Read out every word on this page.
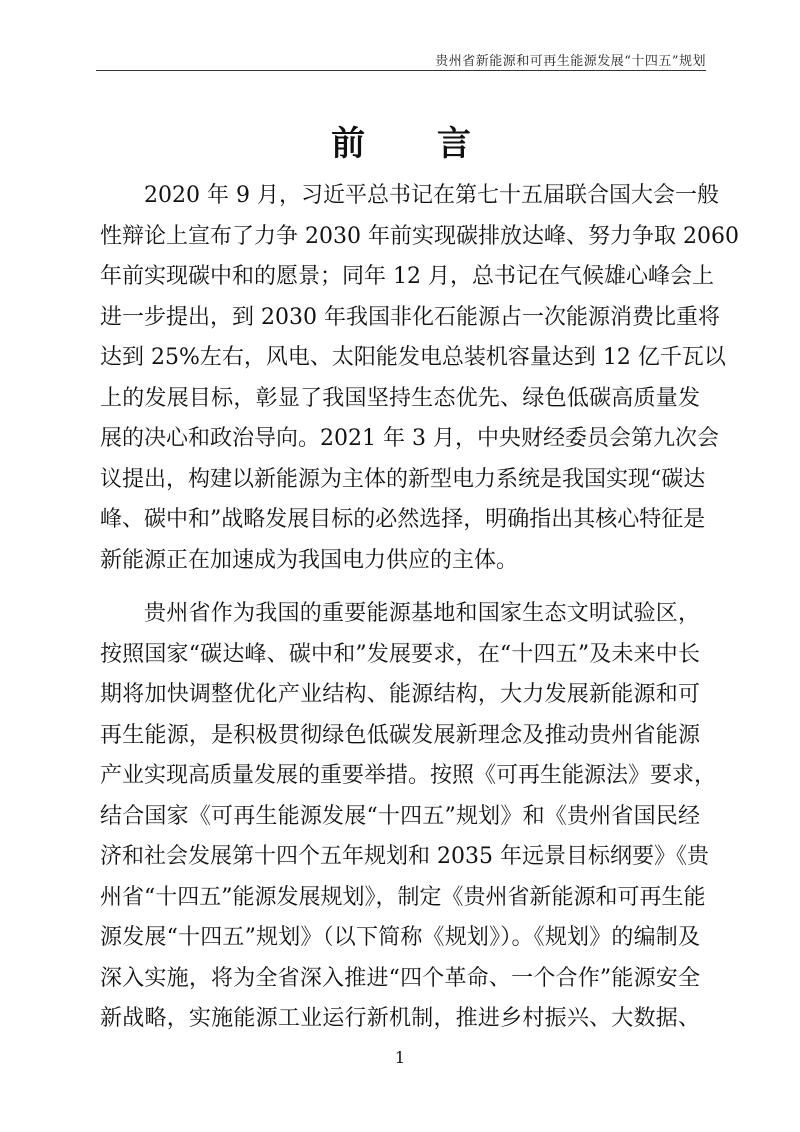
贵州省新能源和可再生能源发展“十四五”规划
前 言
2020 年 9 月，习近平总书记在第七十五届联合国大会一般
性辩论上宣布了力争 2030 年前实现碳排放达峰、努力争取 2060
年前实现碳中和的愿景；同年 12 月，总书记在气候雄心峰会上
进一步提出，到 2030 年我国非化石能源占一次能源消费比重将
达到 25%左右，风电、太阳能发电总装机容量达到 12 亿千瓦以
上的发展目标，彰显了我国坚持生态优先、绿色低碳高质量发
展的决心和政治导向。2021 年 3 月，中央财经委员会第九次会
议提出，构建以新能源为主体的新型电力系统是我国实现“碳达
峰、碳中和”战略发展目标的必然选择，明确指出其核心特征是
新能源正在加速成为我国电力供应的主体。
贵州省作为我国的重要能源基地和国家生态文明试验区，
按照国家“碳达峰、碳中和”发展要求，在“十四五”及未来中长
期将加快调整优化产业结构、能源结构，大力发展新能源和可
再生能源，是积极贯彻绿色低碳发展新理念及推动贵州省能源
产业实现高质量发展的重要举措。按照《可再生能源法》要求，
结合国家《可再生能源发展“十四五”规划》和《贵州省国民经
济和社会发展第十四个五年规划和 2035 年远景目标纲要》《贵
州省“十四五”能源发展规划》，制定《贵州省新能源和可再生能
源发展“十四五”规划》（以下简称《规划》）。《规划》的编制及
深入实施，将为全省深入推进“四个革命、一个合作”能源安全
新战略，实施能源工业运行新机制，推进乡村振兴、大数据、
1
